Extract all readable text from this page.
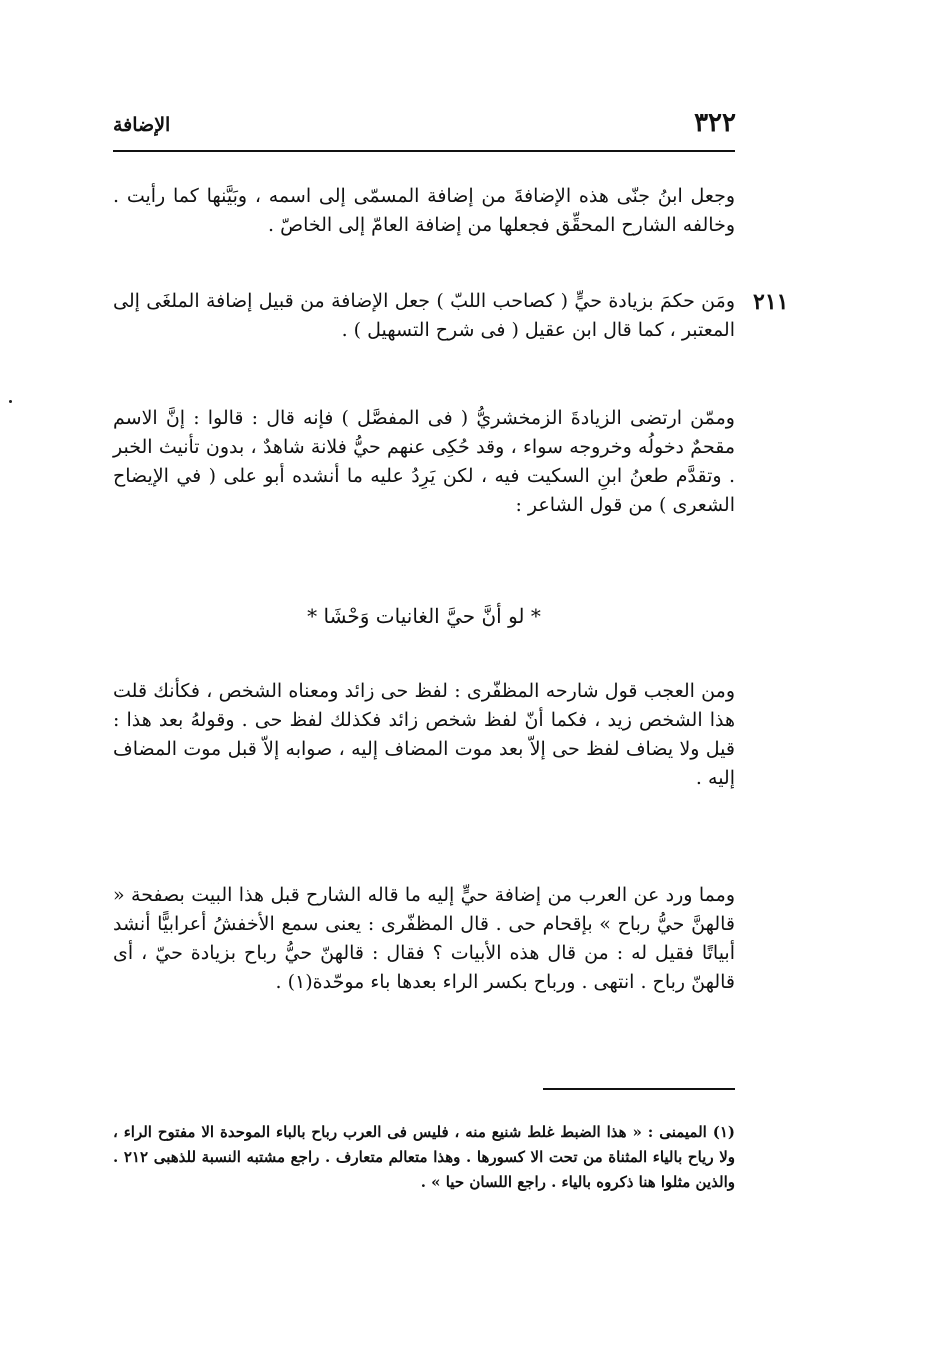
٣٢٢
الإضافة
وجعل ابنُ جنّى هذه الإضافةَ من إضافة المسمّى إلى اسمه ، وبَيَّنها كما رأيت . وخالفه الشارح المحقِّق فجعلها من إضافة العامّ إلى الخاصّ .
٢١١
ومَن حكمَ بزيادة حيٍّ ( كصاحب اللبّ ) جعل الإضافة من قبيل إضافة الملغَى إلى المعتبر ، كما قال ابن عقيل ( فى شرح التسهيل ) .
وممّن ارتضى الزيادةَ الزمخشريُّ ( فى المفصَّل ) فإنه قال : قالوا : إنَّ الاسم مقحمٌ دخولُه وخروجه سواء ، وقد حُكِى عنهم حيُّ فلانة شاهدٌ ، بدون تأنيث الخبر . وتقدَّم طعنُ ابنِ السكيت فيه ، لكن يَرِدُ عليه ما أنشده أبو على ( في الإيضاح الشعرى ) من قول الشاعر :
* لو أنَّ حيَّ الغانيات وَحْشَا *
ومن العجب قول شارحه المظفّرى : لفظ حى زائد ومعناه الشخص ، فكأنك قلت هذا الشخص زيد ، فكما أنّ لفظ شخص زائد فكذلك لفظ حى . وقولهُ بعد هذا : قيل ولا يضاف لفظ حى إلاّ بعد موت المضاف إليه ، صوابه إلاّ قبل موت المضاف إليه .
ومما ورد عن العرب من إضافة حيٍّ إليه ما قاله الشارح قبل هذا البيت بصفحة « قالهنَّ حيُّ رباح » بإقحام حى . قال المظفّرى : يعنى سمع الأخفشُ أعرابيًّا أنشد أبياتًا فقيل له : من قال هذه الأبيات ؟ فقال : قالهنّ حيُّ رباح بزيادة حيّ ، أى قالهنّ رباح . انتهى . ورباح بكسر الراء بعدها باء موحّدة(١) .
(١) الميمنى : « هذا الضبط غلط شنيع منه ، فليس فى العرب رباح بالباء الموحدة الا مفتوح الراء ، ولا رياح بالياء المثناة من تحت الا كسورها . وهذا متعالم متعارف . راجع مشتبه النسبة للذهبى ٢١٢ . والذين مثلوا هنا ذكروه بالياء . راجع اللسان حيا » .
